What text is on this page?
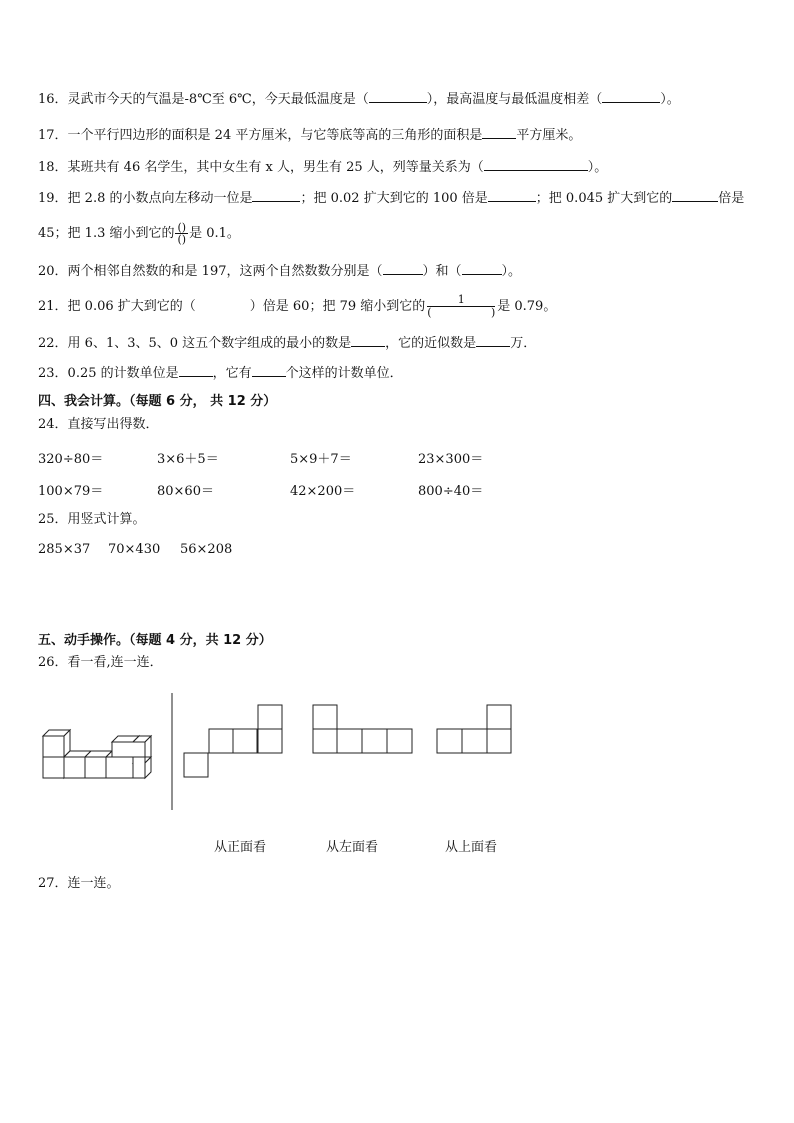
16．灵武市今天的气温是-8℃至 6℃，今天最低温度是（	），最高温度与最低温度相差（	）。
17．一个平行四边形的面积是 24 平方厘米，与它等底等高的三角形的面积是	平方厘米。
18．某班共有 46 名学生，其中女生有 x 人，男生有 25 人，列等量关系为（	）。
19．把 2.8 的小数点向左移动一位是	；把 0.02 扩大到它的 100 倍是	；把 0.045 扩大到它的	倍是
45；把 1.3 缩小到它的 $\frac{()}{()}$ 是 0.1。
20．两个相邻自然数的和是 197，这两个自然数数分别是（	）和（	）。
21．把 0.06 扩大到它的（	）倍是 60；把 79 缩小到它的 1
(	) 是 0.79。
22．用 6、1、3、5、0 这五个数字组成的最小的数是	，它的近似数是	万．
23．0.25 的计数单位是	，它有	个这样的计数单位．
四、我会计算。（每题 6 分， 共 12 分）
24．直接写出得数．
320÷80＝	3×6＋5＝	5×9＋7＝	23×300＝
100×79＝	80×60＝	42×200＝	800÷40＝
25．用竖式计算。
285×37 70×430 56×208
五、动手操作。（每题 4 分，共 12 分）
26．看一看,连一连．
从正面看	从左面看	从上面看
27．连一连。
